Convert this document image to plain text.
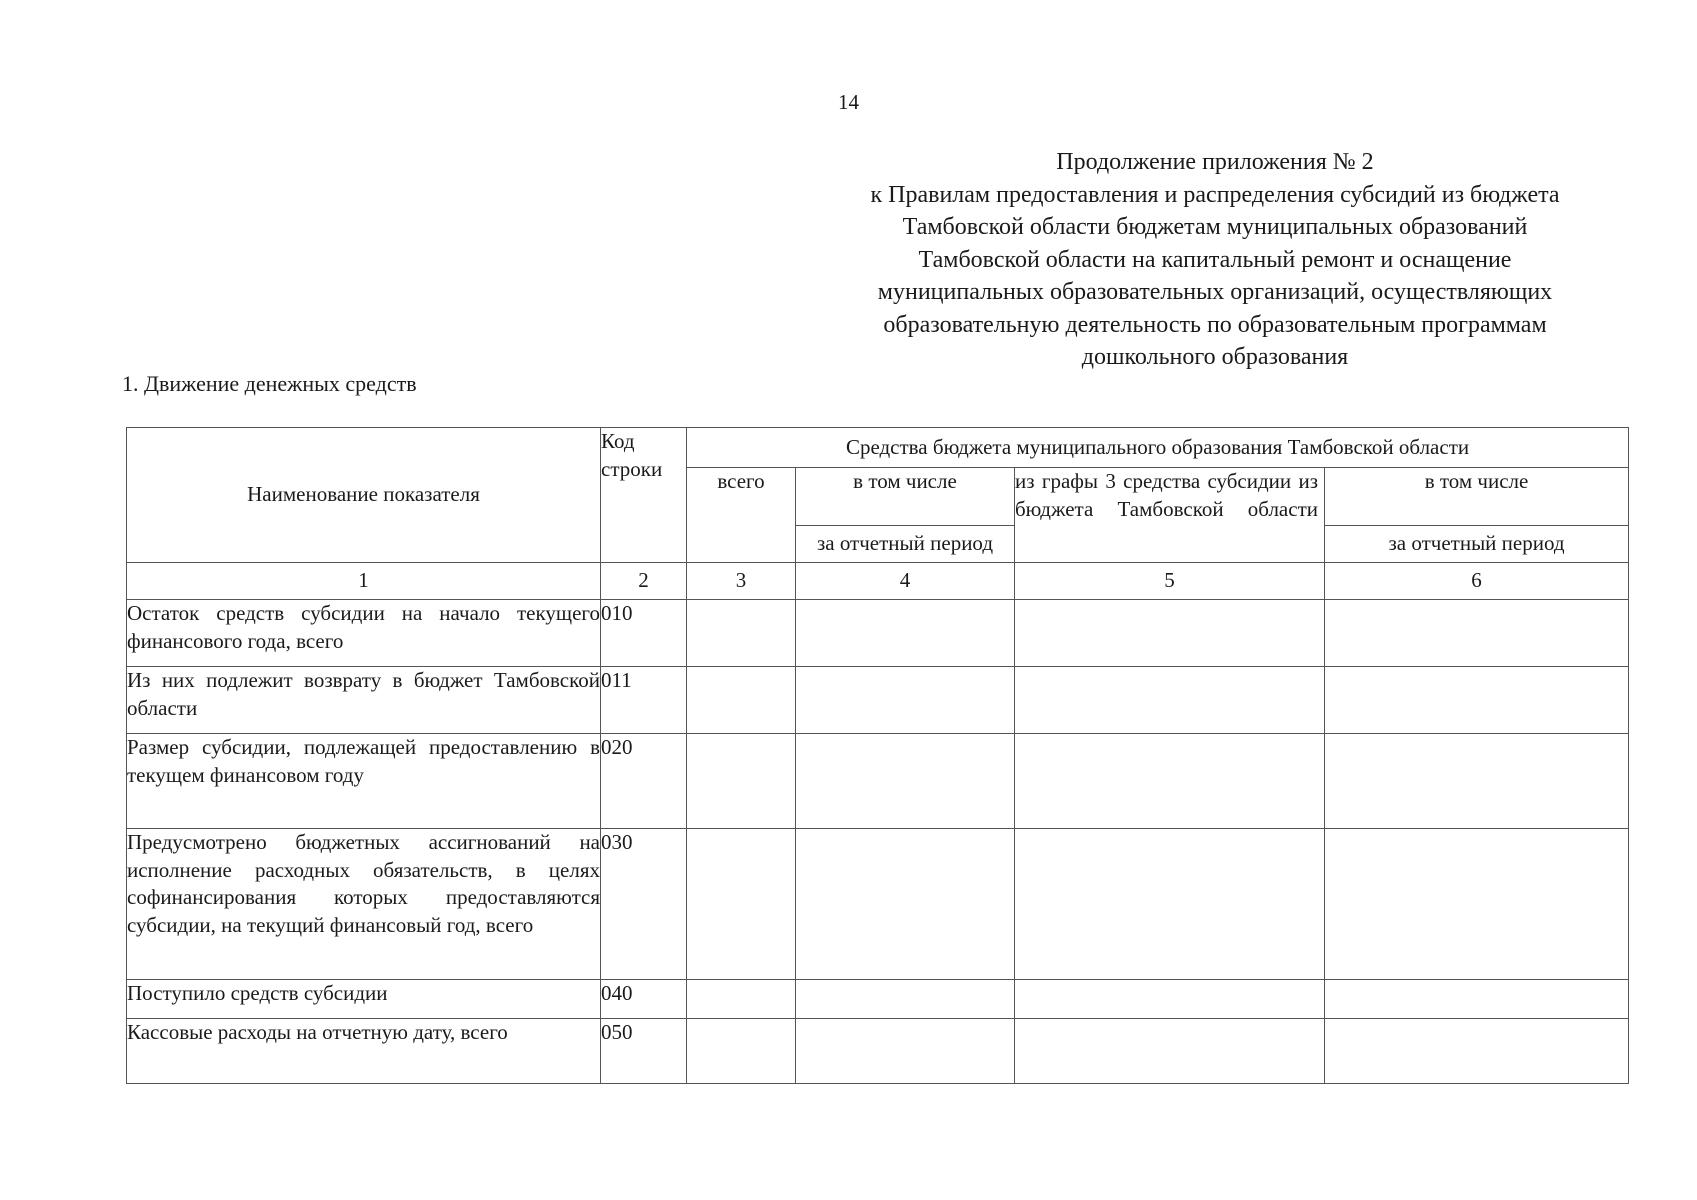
14
Продолжение приложения № 2
к Правилам предоставления и распределения субсидий из бюджета
Тамбовской области бюджетам муниципальных образований
Тамбовской области на капитальный ремонт и оснащение
муниципальных образовательных организаций, осуществляющих
образовательную деятельность по образовательным программам
дошкольного образования
1. Движение денежных средств
Наименование показателя	Код строки	Средства бюджета муниципального образования Тамбовской области			
		всего	в том числе	из графы 3 средства субсидии из бюджета Тамбовской области	в том числе
			за отчетный период		за отчетный период
1	2	3	4	5	6
Остаток средств субсидии на начало текущего финансового года, всего	010				
Из них подлежит возврату в бюджет Тамбовской области	011				
Размер субсидии, подлежащей предоставлению в текущем финансовом году	020				
Предусмотрено бюджетных ассигнований на исполнение расходных обязательств, в целях софинансирования которых предоставляются субсидии, на текущий финансовый год, всего	030				
Поступило средств субсидии	040				
Кассовые расходы на отчетную дату, всего	050				
